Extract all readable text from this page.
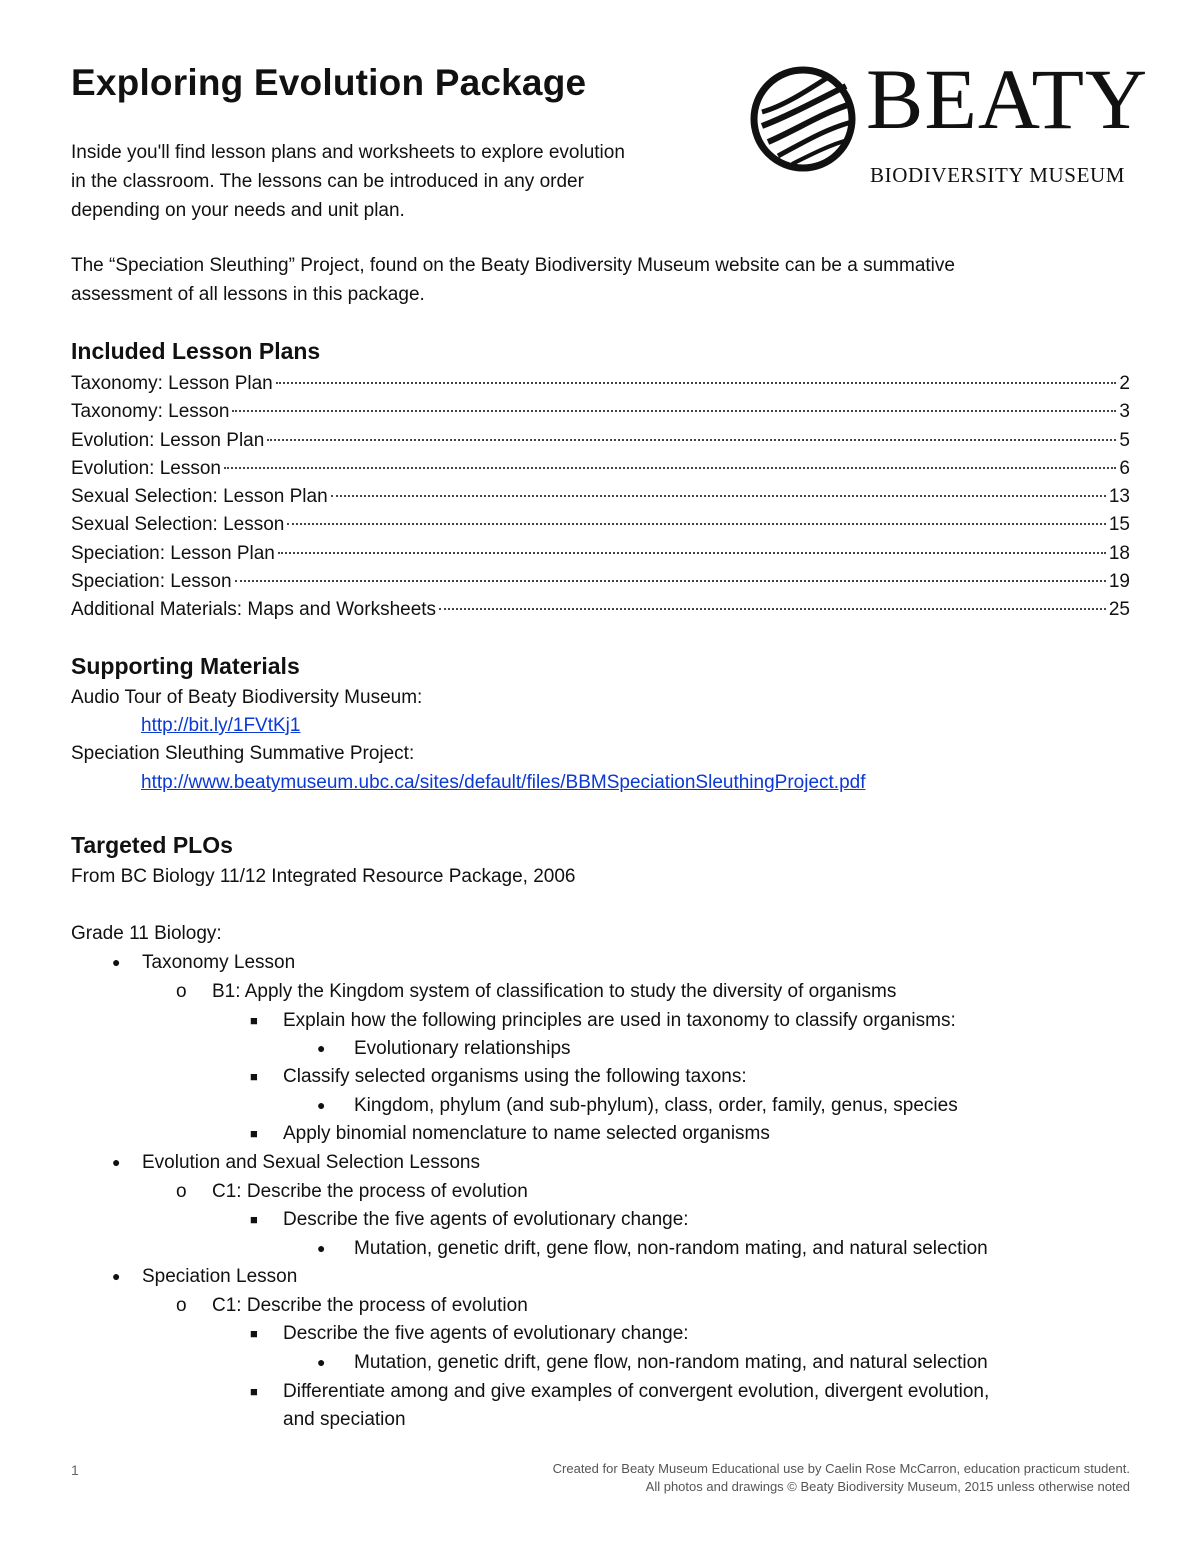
Exploring Evolution Package	BEATY
BIODIVERSITY MUSEUM

Inside you'll find lesson plans and worksheets to explore evolution
in the classroom. The lessons can be introduced in any order
depending on your needs and unit plan.

The “Speciation Sleuthing” Project, found on the Beaty Biodiversity Museum website can be a summative
assessment of all lessons in this package.

Included Lesson Plans
Taxonomy: Lesson Plan	2
Taxonomy: Lesson	3
Evolution: Lesson Plan	5
Evolution: Lesson	6
Sexual Selection: Lesson Plan	13
Sexual Selection: Lesson	15
Speciation: Lesson Plan	18
Speciation: Lesson	19
Additional Materials: Maps and Worksheets	25
Supporting Materials
Audio Tour of Beaty Biodiversity Museum:
http://bit.ly/1FVtKj1
Speciation Sleuthing Summative Project:
http://www.beatymuseum.ubc.ca/sites/default/files/BBMSpeciationSleuthingProject.pdf
Targeted PLOs
From BC Biology 11/12 Integrated Resource Package, 2006
Grade 11 Biology:
● Taxonomy Lesson
o B1: Apply the Kingdom system of classification to study the diversity of organisms
■ Explain how the following principles are used in taxonomy to classify organisms:
● Evolutionary relationships
■ Classify selected organisms using the following taxons:
● Kingdom, phylum (and sub-phylum), class, order, family, genus, species
■ Apply binomial nomenclature to name selected organisms
● Evolution and Sexual Selection Lessons
o C1: Describe the process of evolution
■ Describe the five agents of evolutionary change:
● Mutation, genetic drift, gene flow, non-random mating, and natural selection
● Speciation Lesson
o C1: Describe the process of evolution
■ Describe the five agents of evolutionary change:
● Mutation, genetic drift, gene flow, non-random mating, and natural selection
■ Differentiate among and give examples of convergent evolution, divergent evolution,
and speciation
1	Created for Beaty Museum Educational use by Caelin Rose McCarron, education practicum student.
All photos and drawings © Beaty Biodiversity Museum, 2015 unless otherwise noted
